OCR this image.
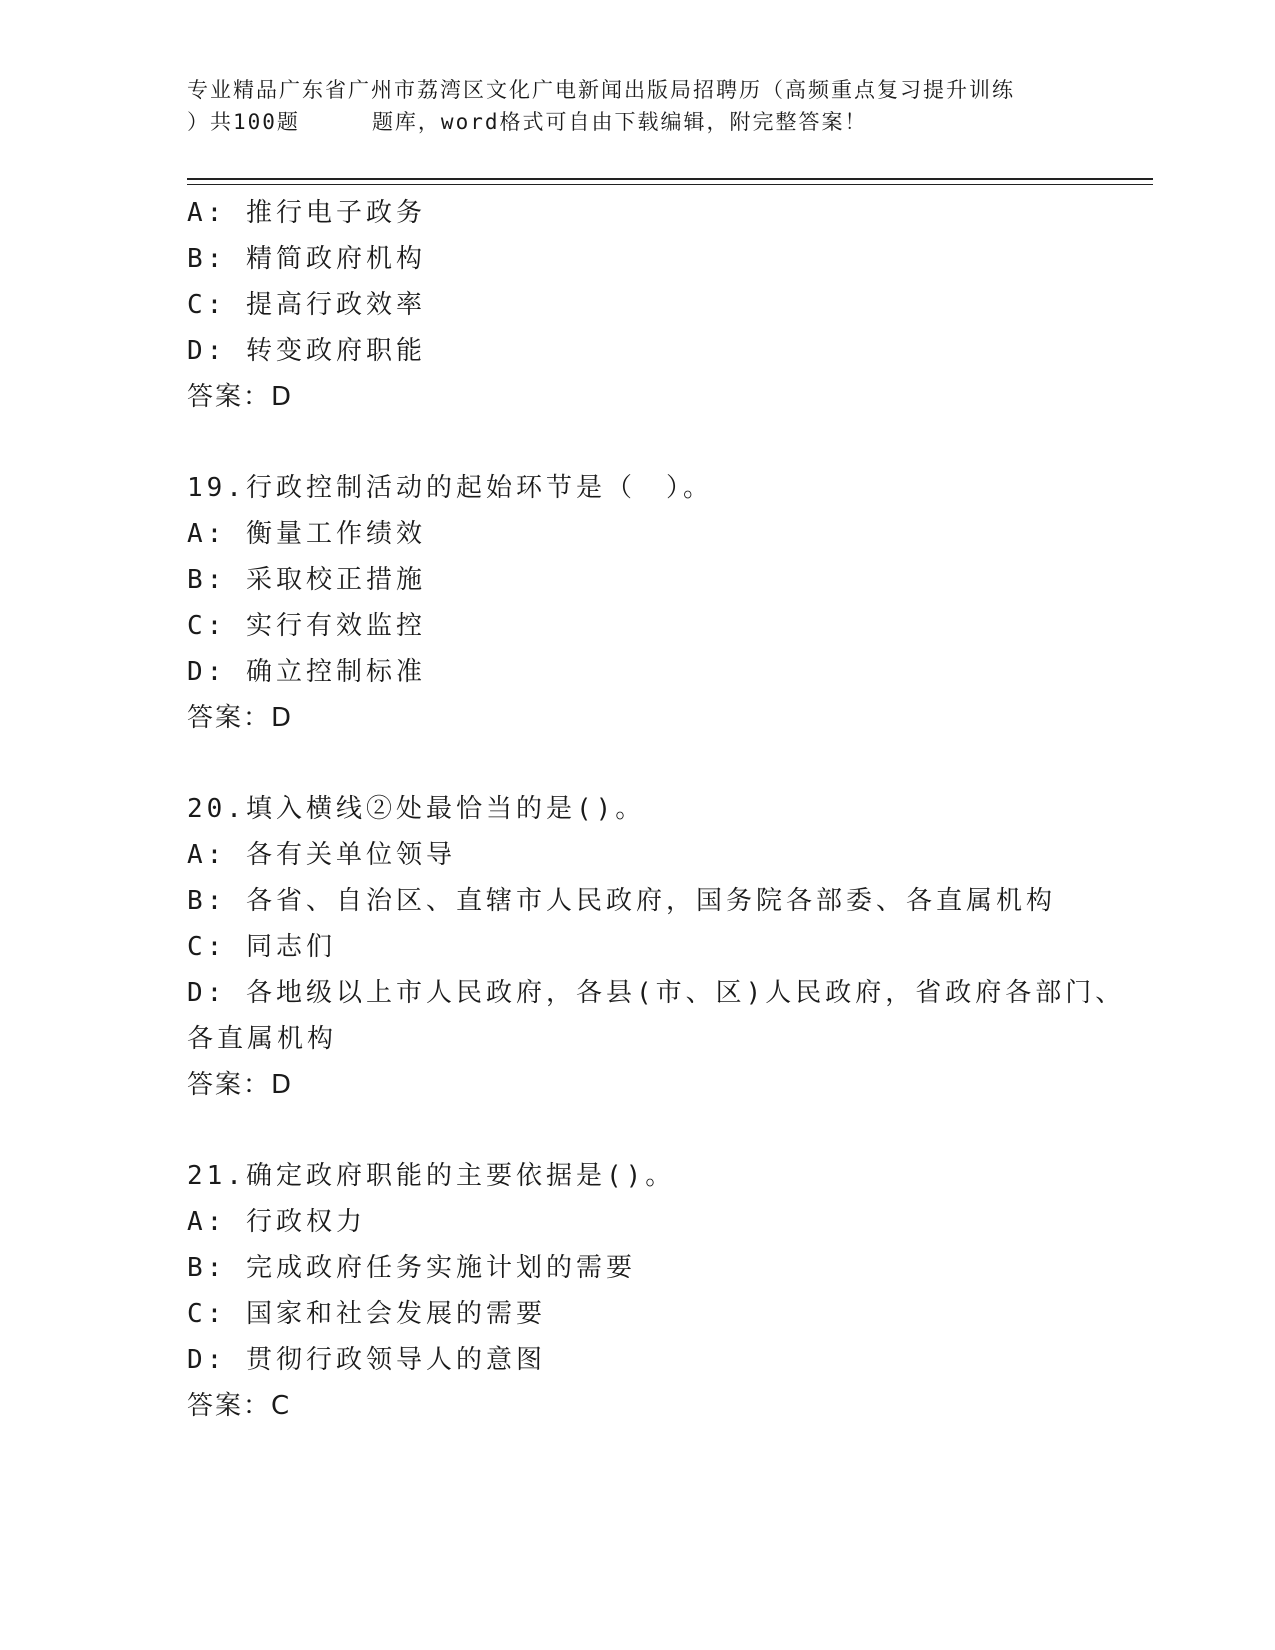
专业精品广东省广州市荔湾区文化广电新闻出版局招聘历（高频重点复习提升训练
）共100题	题库，word格式可自由下载编辑，附完整答案！
A: 推行电子政务
B: 精简政府机构
C: 提高行政效率
D: 转变政府职能
答案：D
19.行政控制活动的起始环节是（　）。
A: 衡量工作绩效
B: 采取校正措施
C: 实行有效监控
D: 确立控制标准
答案：D
20.填入横线②处最恰当的是()。
A: 各有关单位领导
B: 各省、自治区、直辖市人民政府，国务院各部委、各直属机构
C: 同志们
D: 各地级以上市人民政府，各县(市、区)人民政府，省政府各部门、
各直属机构
答案：D
21.确定政府职能的主要依据是()。
A: 行政权力
B: 完成政府任务实施计划的需要
C: 国家和社会发展的需要
D: 贯彻行政领导人的意图
答案：C
